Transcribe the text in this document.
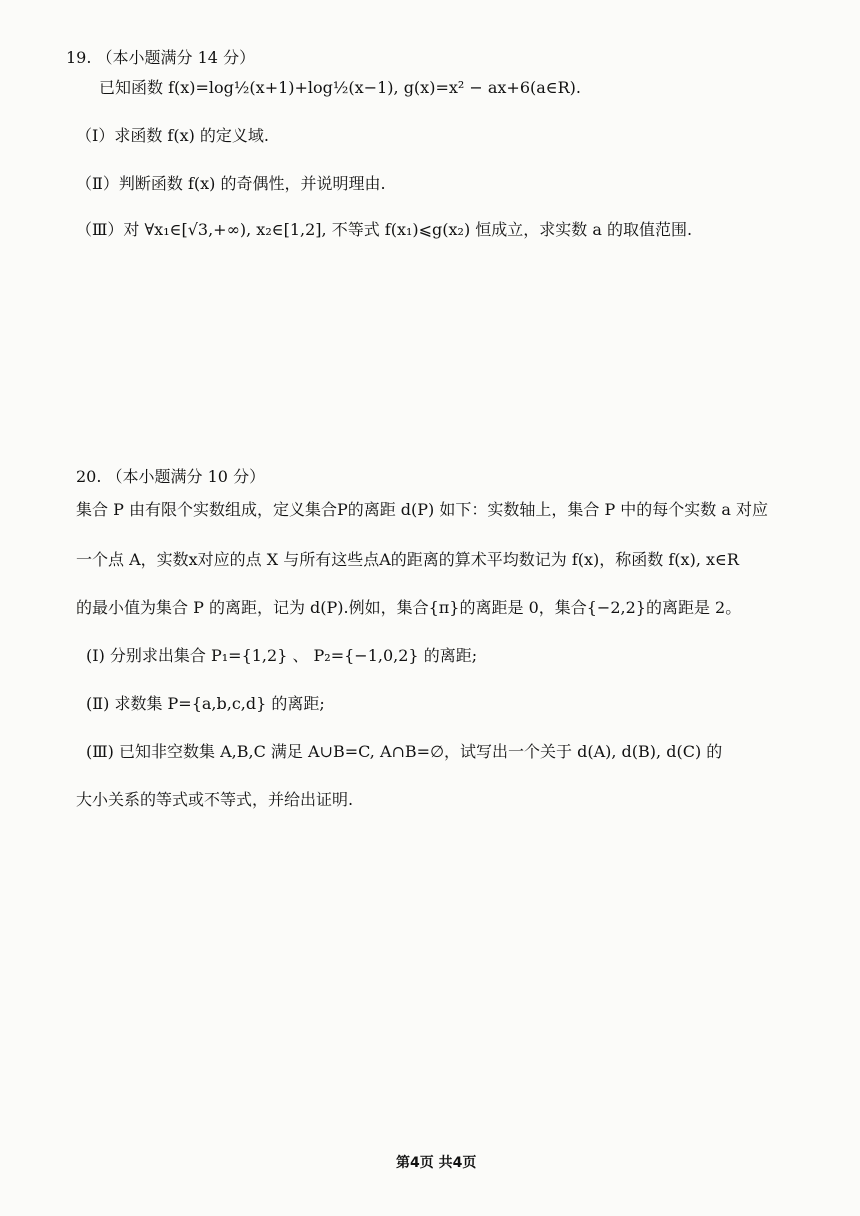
19. （本小题满分 14 分）
已知函数 f(x)=log½(x+1)+log½(x−1), g(x)=x² − ax+6(a∈R).
（Ⅰ）求函数 f(x) 的定义域.
（Ⅱ）判断函数 f(x) 的奇偶性，并说明理由.
（Ⅲ）对 ∀x₁∈[√3,+∞), x₂∈[1,2], 不等式 f(x₁)⩽g(x₂) 恒成立，求实数 a 的取值范围.
20. （本小题满分 10 分）
集合 P 由有限个实数组成，定义集合P的离距 d(P) 如下：实数轴上，集合 P 中的每个实数 a 对应
一个点 A，实数x对应的点 X 与所有这些点A的距离的算术平均数记为 f(x)，称函数 f(x), x∈R
的最小值为集合 P 的离距，记为 d(P).例如，集合{π}的离距是 0，集合{−2,2}的离距是 2。
(Ⅰ) 分别求出集合 P₁={1,2} 、 P₂={−1,0,2} 的离距;
(Ⅱ) 求数集 P={a,b,c,d} 的离距;
(Ⅲ) 已知非空数集 A,B,C 满足 A∪B=C, A∩B=∅，试写出一个关于 d(A), d(B), d(C) 的
大小关系的等式或不等式，并给出证明.
第4页 共4页
